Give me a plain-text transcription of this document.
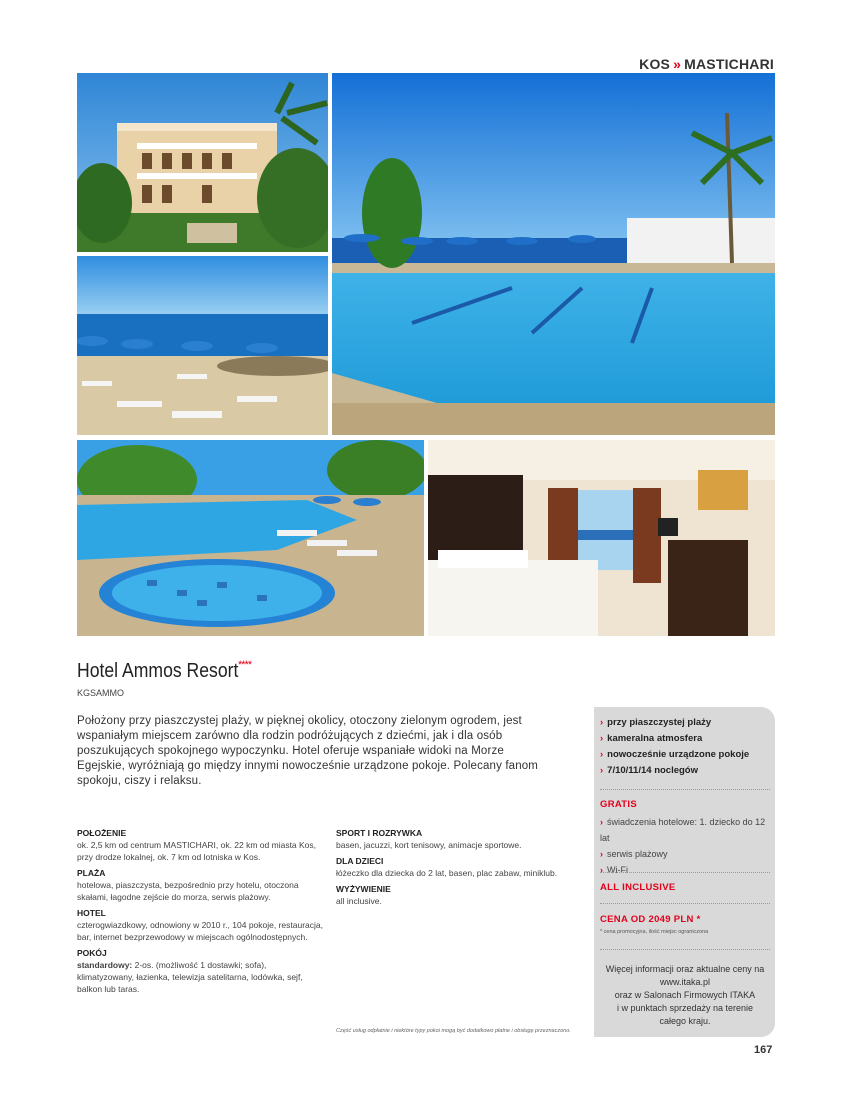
KOS » MASTICHARI
Hotel Ammos Resort ****
KGSAMMO
Położony przy piaszczystej plaży, w pięknej okolicy, otoczony zielonym ogrodem, jest wspaniałym miejscem zarówno dla rodzin podróżujących z dziećmi, jak i dla osób poszukujących spokojnego wypoczynku. Hotel oferuje wspaniałe widoki na Morze Egejskie, wyróżniają go między innymi nowocześnie urządzone pokoje. Polecany fanom spokoju, ciszy i relaksu.
POŁOŻENIE

ok. 2,5 km od centrum MASTICHARI, ok. 22 km od miasta Kos, przy drodze lokalnej, ok. 7 km od lotniska w Kos.

PLAŻA

hotelowa, piaszczysta, bezpośrednio przy hotelu, otoczona skałami, łagodne zejście do morza, serwis plażowy.

HOTEL

czterogwiazdkowy, odnowiony w 2010 r., 104 pokoje, restauracja, bar, internet bezprzewodowy w miejscach ogólnodostępnych.

POKÓJ

standardowy: 2-os. (możliwość 1 dostawki; sofa), klimatyzowany, łazienka, telewizja satelitarna, lodówka, sejf, balkon lub taras.

SPORT I ROZRYWKA

basen, jacuzzi, kort tenisowy, animacje sportowe.

DLA DZIECI

łóżeczko dla dziecka do 2 lat, basen, plac zabaw, miniklub.

WYŻYWIENIE

all inclusive.

Część usług odpłatnie i niektóre typy pokoi mogą być dodatkowo płatne i obsługę przeznaczono.
› przy piaszczystej plaży
› kameralna atmosfera
› nowocześnie urządzone pokoje
› 7/10/11/14 noclegów
GRATIS
› świadczenia hotelowe: 1. dziecko do 12 lat
› serwis plażowy
› Wi-Fi
ALL INCLUSIVE
CENA OD 2049 PLN *
* cena promocyjna, ilość miejsc ograniczona
Więcej informacji oraz aktualne ceny na
www.itaka.pl
oraz w Salonach Firmowych ITAKA
i w punktach sprzedaży na terenie
całego kraju.
167
